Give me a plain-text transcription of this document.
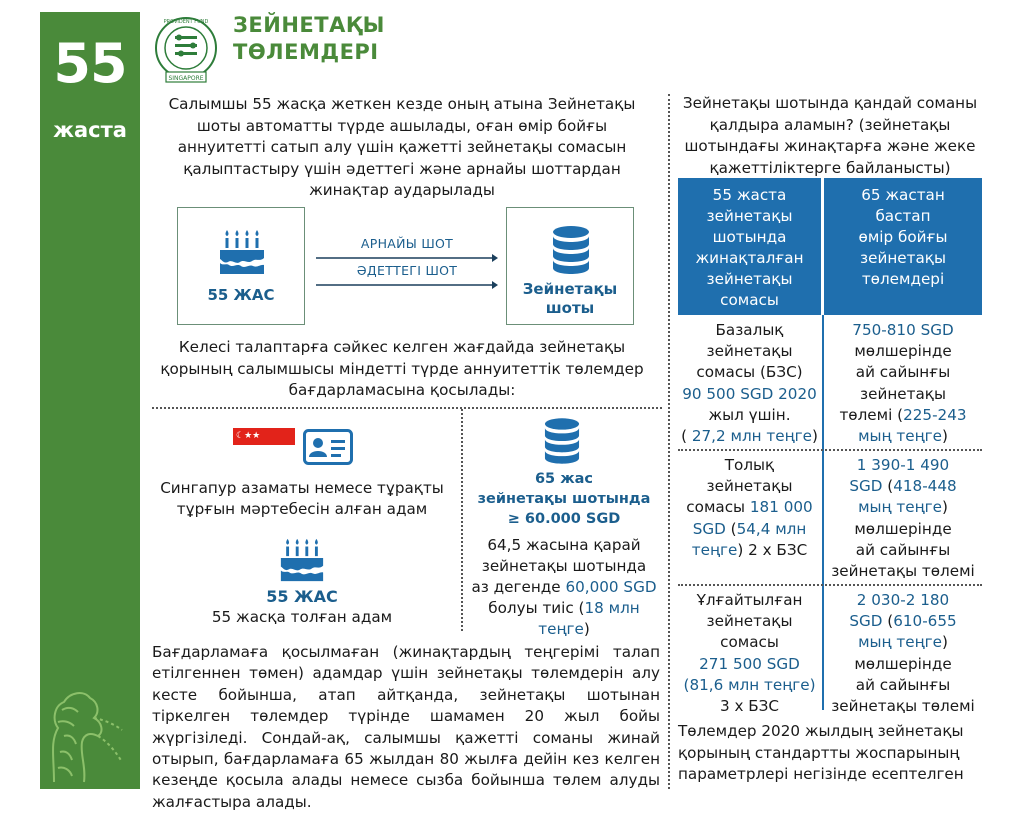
55
жаста
SINGAPORE
PROVIDENT FUND ЗЕЙНЕТАҚЫ
ТӨЛЕМДЕРІ
Салымшы 55 жасқа жеткен кезде оның атына Зейнетақы
шоты автоматты түрде ашылады, оған өмір бойғы
аннуитетті сатып алу үшін қажетті зейнетақы сомасын
қалыптастыру үшін әдеттегі және арнайы шоттардан
жинақтар аударылады
55 ЖАС
АРНАЙЫ ШОТ
ӘДЕТТЕГІ ШОТ
Зейнетақы
шоты
Келесі талаптарға сәйкес келген жағдайда зейнетақы
қорының салымшысы міндетті түрде аннуитеттік төлемдер
бағдарламасына қосылады:
☾★★
Сингапур азаматы немесе тұрақты
тұрғын мәртебесін алған адам
55 ЖАС
55 жасқа толған адам
65 жас
зейнетақы шотында
≥ 60.000 SGD
64,5 жасына қарай
зейнетақы шотында
аз дегенде 60,000 SGD
болуы тиіс (18 млн
теңге)
Бағдарламаға қосылмаған (жинақтардың теңгерімі талап етілгеннен төмен) адамдар үшін зейнетақы төлемдерін алу кесте бойынша, атап айтқанда, зейнетақы шотынан тіркелген төлемдер түрінде шамамен 20 жыл бойы жүргізіледі. Сондай-ақ, салымшы қажетті соманы жинай отырып, бағдарламаға 65 жылдан 80 жылға дейін кез келген кезеңде қосыла алады немесе сызба бойынша төлем алуды жалғастыра алады.
Зейнетақы шотында қандай соманы
қалдыра аламын? (зейнетақы
шотындағы жинақтарға және жеке
қажеттіліктерге байланысты)
55 жаста
зейнетақы
шотында
жинақталған
зейнетақы
сомасы
65 жастан
бастап
өмір бойғы
зейнетақы
төлемдері
Базалық
зейнетақы
сомасы (БЗС)
90 500 SGD 2020
жыл үшін.
( 27,2 млн теңге)
750-810 SGD
мөлшерінде
ай сайынғы
зейнетақы
төлемі (225-243
мың теңге)
Толық
зейнетақы
сомасы 181 000
SGD (54,4 млн
теңге) 2 х БЗС
1 390-1 490
SGD (418-448
мың теңге)
мөлшерінде
ай сайынғы
зейнетақы төлемі
Ұлғайтылған
зейнетақы
сомасы
271 500 SGD
(81,6 млн теңге)
3 х БЗС
2 030-2 180
SGD (610-655
мың теңге)
мөлшерінде
ай сайынғы
зейнетақы төлемі
Төлемдер 2020 жылдың зейнетақы
қорының стандартты жоспарының
параметрлері негізінде есептелген
